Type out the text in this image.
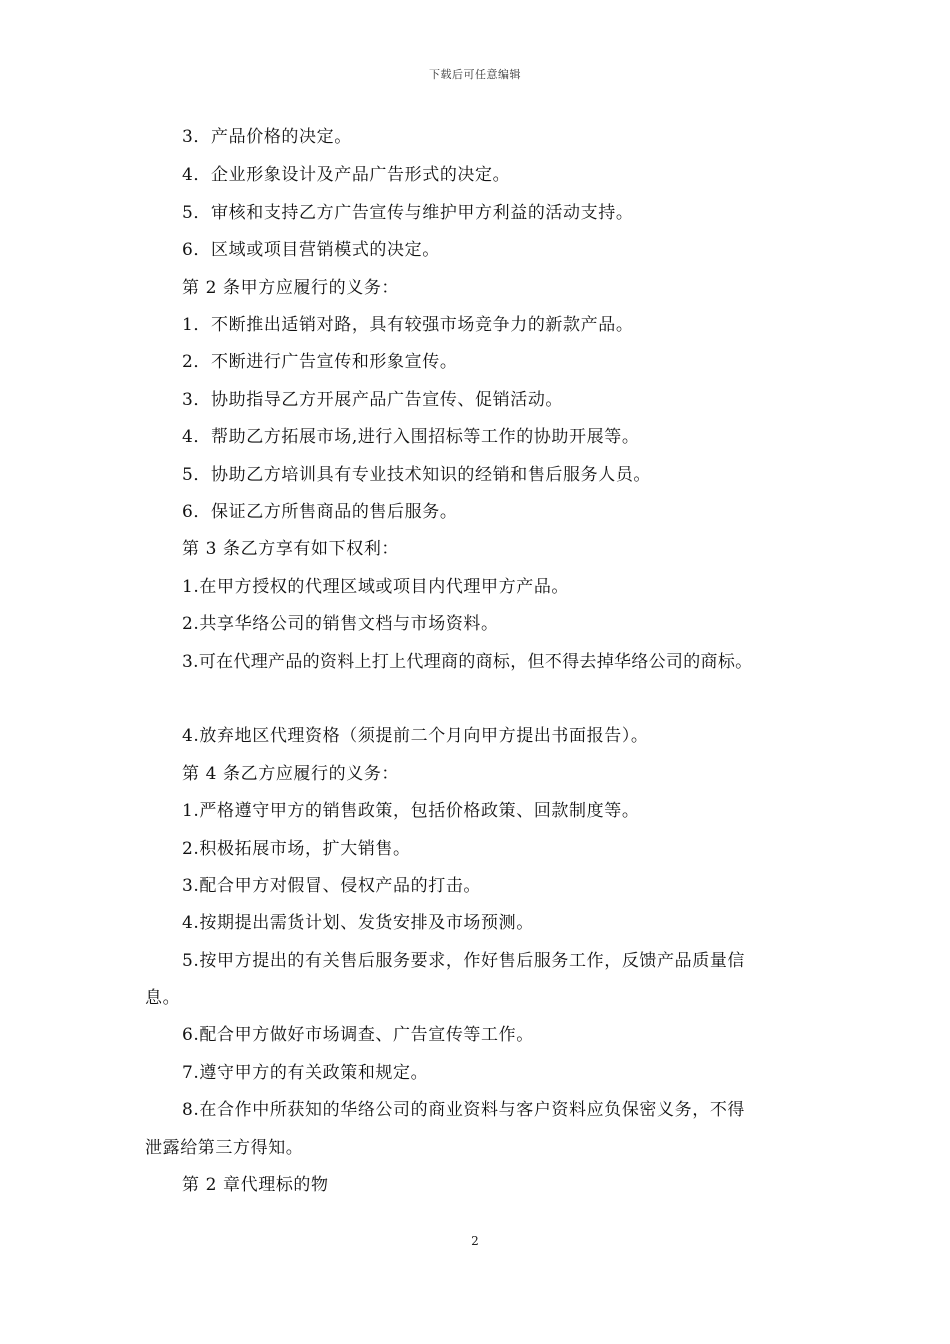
下载后可任意编辑
3．产品价格的决定。
4．企业形象设计及产品广告形式的决定。
5．审核和支持乙方广告宣传与维护甲方利益的活动支持。
6．区域或项目营销模式的决定。
第 2 条甲方应履行的义务：
1．不断推出适销对路，具有较强市场竞争力的新款产品。
2．不断进行广告宣传和形象宣传。
3．协助指导乙方开展产品广告宣传、促销活动。
4．帮助乙方拓展市场,进行入围招标等工作的协助开展等。
5．协助乙方培训具有专业技术知识的经销和售后服务人员。
6．保证乙方所售商品的售后服务。
第 3 条乙方享有如下权利：
1.在甲方授权的代理区域或项目内代理甲方产品。
2.共享华络公司的销售文档与市场资料。
3.可在代理产品的资料上打上代理商的商标，但不得去掉华络公司的商标。
4.放弃地区代理资格（须提前二个月向甲方提出书面报告）。
第 4 条乙方应履行的义务：
1.严格遵守甲方的销售政策，包括价格政策、回款制度等。
2.积极拓展市场，扩大销售。
3.配合甲方对假冒、侵权产品的打击。
4.按期提出需货计划、发货安排及市场预测。
5.按甲方提出的有关售后服务要求，作好售后服务工作，反馈产品质量信
息。
6.配合甲方做好市场调查、广告宣传等工作。
7.遵守甲方的有关政策和规定。
8.在合作中所获知的华络公司的商业资料与客户资料应负保密义务，不得
泄露给第三方得知。
第 2 章代理标的物
2
